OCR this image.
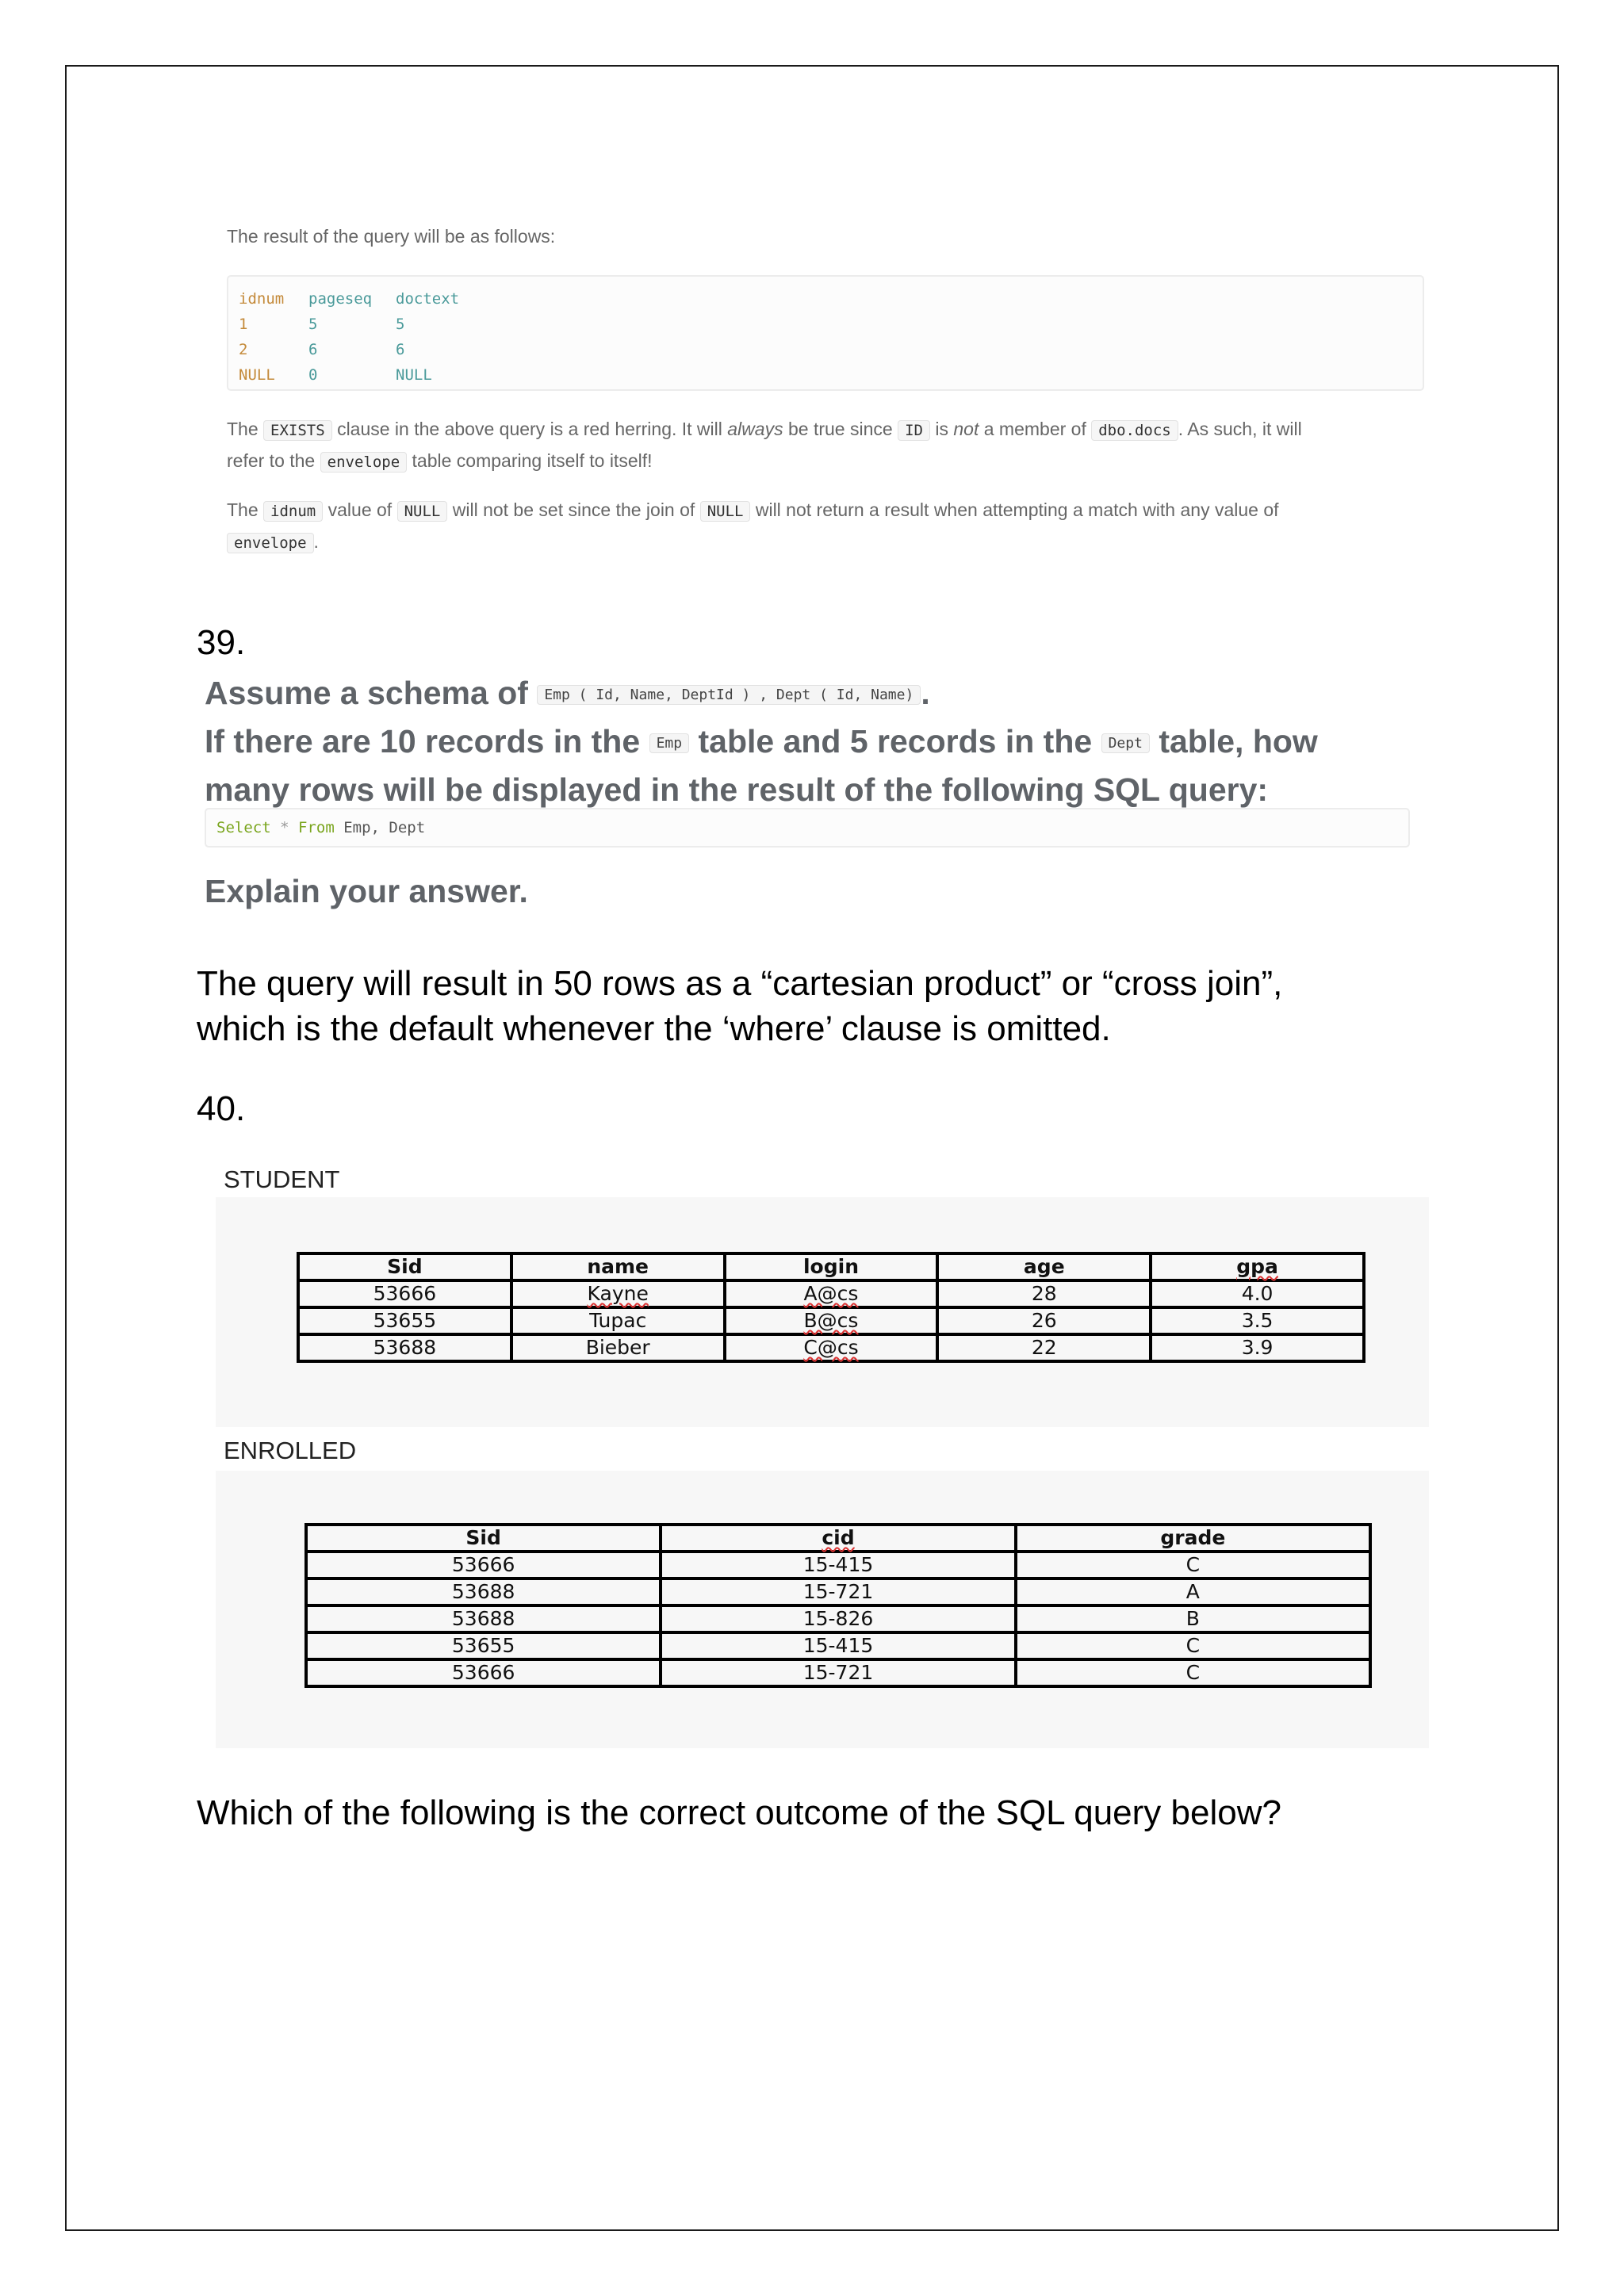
The result of the query will be as follows:
idnum pageseq doctext
1	5	5
2	6	6
NULL 0	NULL
The EXISTS clause in the above query is a red herring. It will always be true since ID is not a member of dbo.docs . As such, it will
refer to the envelope table comparing itself to itself!
The idnum value of NULL will not be set since the join of NULL will not return a result when attempting a match with any value of
envelope .
39.
Assume a schema of Emp ( Id, Name, DeptId ) , Dept ( Id, Name) .
If there are 10 records in the Emp table and 5 records in the Dept table, how
many rows will be displayed in the result of the following SQL query:
Select * From Emp, Dept
Explain your answer.
The query will result in 50 rows as a “cartesian product” or “cross join”,
which is the default whenever the ‘where’ clause is omitted.
40.
STUDENT
Sid	name	login	age	gpa
53666	Kayne	A@cs	28	4.0
53655	Tupac	B@cs	26	3.5
53688	Bieber	C@cs	22	3.9
ENROLLED
Sid	cid	grade
53666	15-415	C
53688	15-721	A
53688	15-826	B
53655	15-415	C
53666	15-721	C
Which of the following is the correct outcome of the SQL query below?
